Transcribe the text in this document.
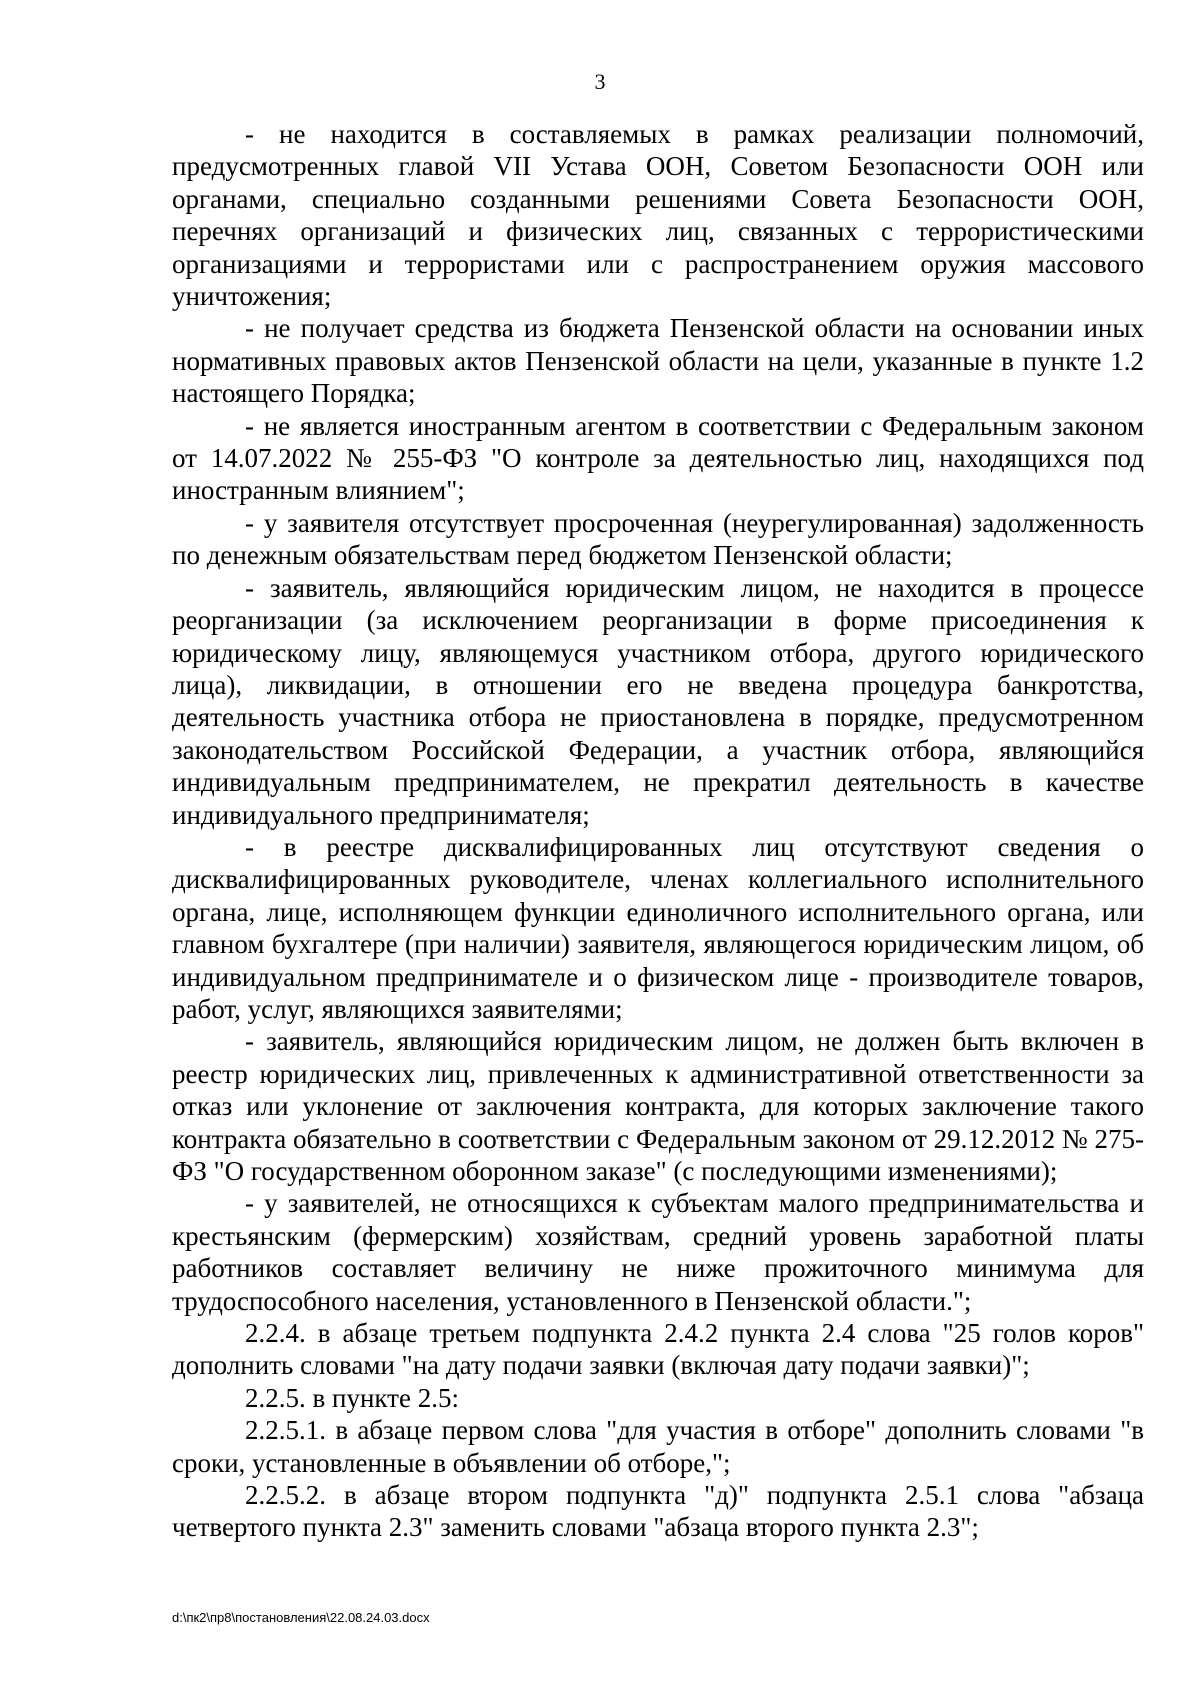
3

- не находится в составляемых в рамках реализации полномочий, предусмотренных главой VII Устава ООН, Советом Безопасности ООН или органами, специально созданными решениями Совета Безопасности ООН, перечнях организаций и физических лиц, связанных с террористическими организациями и террористами или с распространением оружия массового уничтожения;

- не получает средства из бюджета Пензенской области на основании иных нормативных правовых актов Пензенской области на цели, указанные в пункте 1.2 настоящего Порядка;

- не является иностранным агентом в соответствии с Федеральным законом от 14.07.2022 № 255-ФЗ "О контроле за деятельностью лиц, находящихся под иностранным влиянием";

- у заявителя отсутствует просроченная (неурегулированная) задолженность по денежным обязательствам перед бюджетом Пензенской области;

- заявитель, являющийся юридическим лицом, не находится в процессе реорганизации (за исключением реорганизации в форме присоединения к юридическому лицу, являющемуся участником отбора, другого юридического лица), ликвидации, в отношении его не введена процедура банкротства, деятельность участника отбора не приостановлена в порядке, предусмотренном законодательством Российской Федерации, а участник отбора, являющийся индивидуальным предпринимателем, не прекратил деятельность в качестве индивидуального предпринимателя;

- в реестре дисквалифицированных лиц отсутствуют сведения о дисквалифицированных руководителе, членах коллегиального исполнительного органа, лице, исполняющем функции единоличного исполнительного органа, или главном бухгалтере (при наличии) заявителя, являющегося юридическим лицом, об индивидуальном предпринимателе и о физическом лице - производителе товаров, работ, услуг, являющихся заявителями;

- заявитель, являющийся юридическим лицом, не должен быть включен в реестр юридических лиц, привлеченных к административной ответственности за отказ или уклонение от заключения контракта, для которых заключение такого контракта обязательно в соответствии с Федеральным законом от 29.12.2012 № 275-ФЗ "О государственном оборонном заказе" (с последующими изменениями);

- у заявителей, не относящихся к субъектам малого предпринимательства и крестьянским (фермерским) хозяйствам, средний уровень заработной платы работников составляет величину не ниже прожиточного минимума для трудоспособного населения, установленного в Пензенской области.";

2.2.4. в абзаце третьем подпункта 2.4.2 пункта 2.4 слова "25 голов коров" дополнить словами "на дату подачи заявки (включая дату подачи заявки)";

2.2.5. в пункте 2.5:

2.2.5.1. в абзаце первом слова "для участия в отборе" дополнить словами "в сроки, установленные в объявлении об отборе,";

2.2.5.2. в абзаце втором подпункта "д)" подпункта 2.5.1 слова "абзаца четвертого пункта 2.3" заменить словами "абзаца второго пункта 2.3";

d:\пк2\пр8\постановления\22.08.24.03.docx
